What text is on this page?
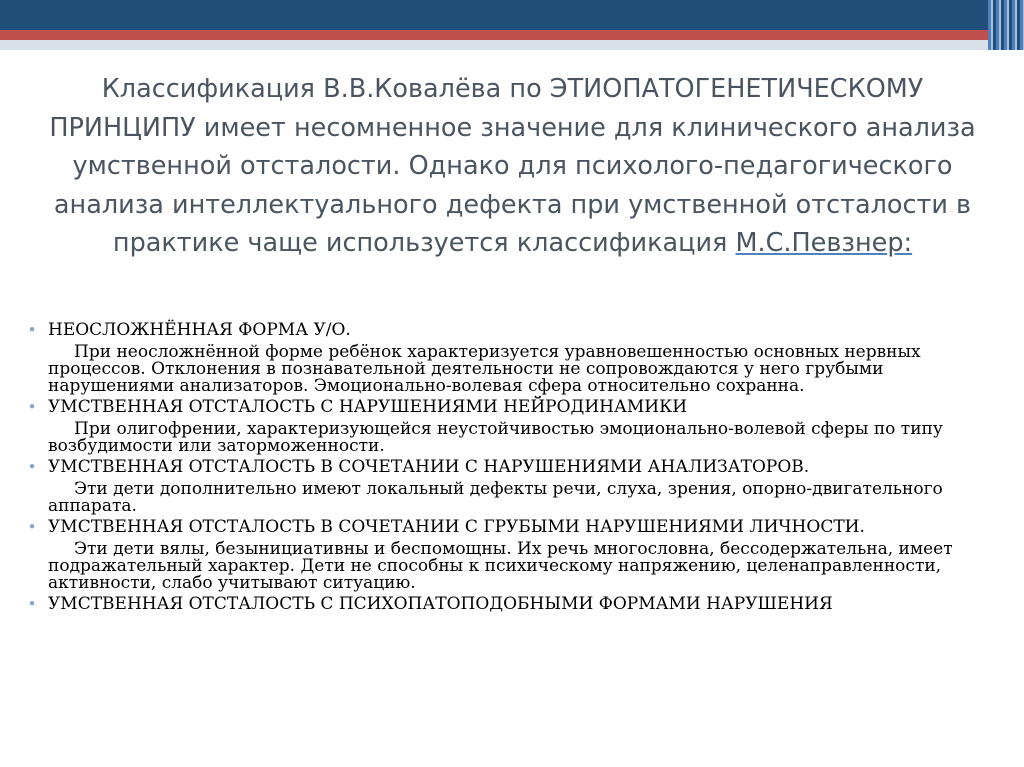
Классификация В.В.Ковалёва по ЭТИОПАТОГЕНЕТИЧЕСКОМУ ПРИНЦИПУ имеет несомненное значение для клинического анализа умственной отсталости. Однако для психолого-педагогического анализа интеллектуального дефекта при умственной отсталости в практике чаще используется классификация М.С.Певзнер:

• НЕОСЛОЖНЁННАЯ ФОРМА У/О.
При неосложнённой форме ребёнок характеризуется уравновешенностью основных нервных процессов. Отклонения в познавательной деятельности не сопровождаются у него грубыми нарушениями анализаторов. Эмоционально-волевая сфера относительно сохранна.
• УМСТВЕННАЯ ОТСТАЛОСТЬ С НАРУШЕНИЯМИ НЕЙРОДИНАМИКИ
При олигофрении, характеризующейся неустойчивостью эмоционально-волевой сферы по типу возбудимости или заторможенности.
• УМСТВЕННАЯ ОТСТАЛОСТЬ В СОЧЕТАНИИ С НАРУШЕНИЯМИ АНАЛИЗАТОРОВ.
Эти дети дополнительно имеют локальный дефекты речи, слуха, зрения, опорно-двигательного аппарата.
• УМСТВЕННАЯ ОТСТАЛОСТЬ В СОЧЕТАНИИ С ГРУБЫМИ НАРУШЕНИЯМИ ЛИЧНОСТИ.
Эти дети вялы, безынициативны и беспомощны. Их речь многословна, бессодержательна, имеет подражательный характер. Дети не способны к психическому напряжению, целенаправленности, активности, слабо учитывают ситуацию.
• УМСТВЕННАЯ ОТСТАЛОСТЬ С ПСИХОПАТОПОДОБНЫМИ ФОРМАМИ НАРУШЕНИЯ
